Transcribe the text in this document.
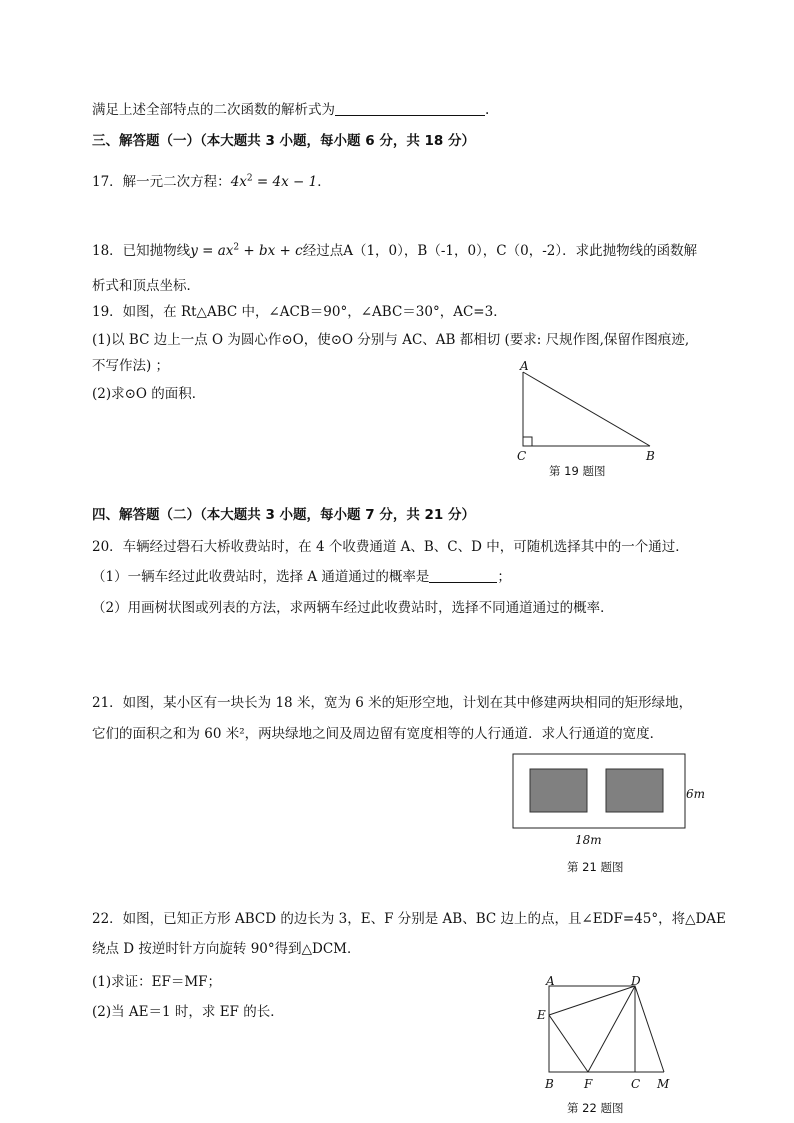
满足上述全部特点的二次函数的解析式为	.
三、解答题（一）（本大题共 3 小题，每小题 6 分，共 18 分）
17．解一元二次方程：$4x^2 = 4x - 1$．
18．已知抛物线$y = ax^2$ + bx + c经过点A（1，0），B（-1，0），C（0，-2）．求此抛物线的函数解
析式和顶点坐标．
19．如图，在 Rt△ABC 中，∠ACB＝90°，∠ABC＝30°，AC=3．
(1)以 BC 边上一点 O 为圆心作⊙O，使⊙O 分别与 AC、AB 都相切 (要求: 尺规作图,保留作图痕迹,
不写作法) ；
(2)求⊙O 的面积．
A
C	B
第 19 题图
四、解答题（二）（本大题共 3 小题，每小题 7 分，共 21 分）
20．车辆经过礐石大桥收费站时，在 4 个收费通道 A、B、C、D 中，可随机选择其中的一个通过．
（1）一辆车经过此收费站时，选择 A 通道通过的概率是	；
（2）用画树状图或列表的方法，求两辆车经过此收费站时，选择不同通道通过的概率．
21．如图，某小区有一块长为 18 米，宽为 6 米的矩形空地，计划在其中修建两块相同的矩形绿地，
它们的面积之和为 60 米²，两块绿地之间及周边留有宽度相等的人行通道．求人行通道的宽度．
6m
18m
第 21 题图
22．如图，已知正方形 ABCD 的边长为 3，E、F 分别是 AB、BC 边上的点，且∠EDF=45°，将△DAE
绕点 D 按逆时针方向旋转 90°得到△DCM．
(1)求证：EF＝MF；
(2)当 AE＝1 时，求 EF 的长．
A	D
E
B	F	C M
第 22 题图
